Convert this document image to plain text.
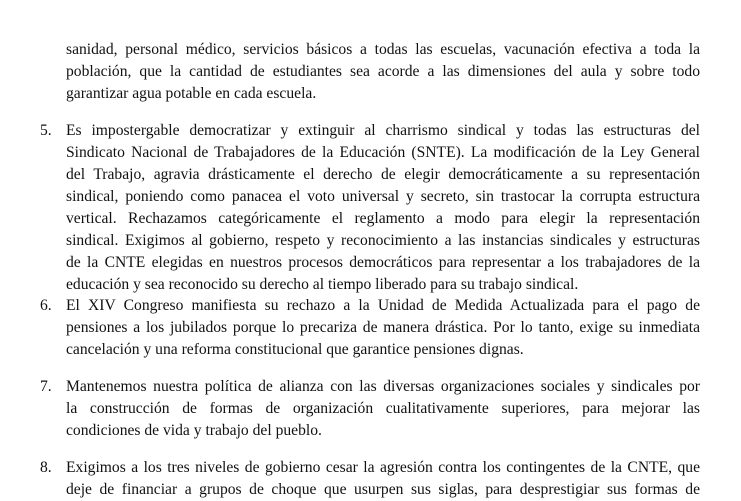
sanidad, personal médico, servicios básicos a todas las escuelas, vacunación efectiva a toda la
población, que la cantidad de estudiantes sea acorde a las dimensiones del aula y sobre todo
garantizar agua potable en cada escuela.
5. Es impostergable democratizar y extinguir al charrismo sindical y todas las estructuras del
Sindicato Nacional de Trabajadores de la Educación (SNTE). La modificación de la Ley General
del Trabajo, agravia drásticamente el derecho de elegir democráticamente a su representación
sindical, poniendo como panacea el voto universal y secreto, sin trastocar la corrupta estructura
vertical. Rechazamos categóricamente el reglamento a modo para elegir la representación
sindical. Exigimos al gobierno, respeto y reconocimiento a las instancias sindicales y estructuras
de la CNTE elegidas en nuestros procesos democráticos para representar a los trabajadores de la
educación y sea reconocido su derecho al tiempo liberado para su trabajo sindical.
6. El XIV Congreso manifiesta su rechazo a la Unidad de Medida Actualizada para el pago de
pensiones a los jubilados porque lo precariza de manera drástica. Por lo tanto, exige su inmediata
cancelación y una reforma constitucional que garantice pensiones dignas.
7. Mantenemos nuestra política de alianza con las diversas organizaciones sociales y sindicales por
la construcción de formas de organización cualitativamente superiores, para mejorar las
condiciones de vida y trabajo del pueblo.
8. Exigimos a los tres niveles de gobierno cesar la agresión contra los contingentes de la CNTE, que
deje de financiar a grupos de choque que usurpen sus siglas, para desprestigiar sus formas de
